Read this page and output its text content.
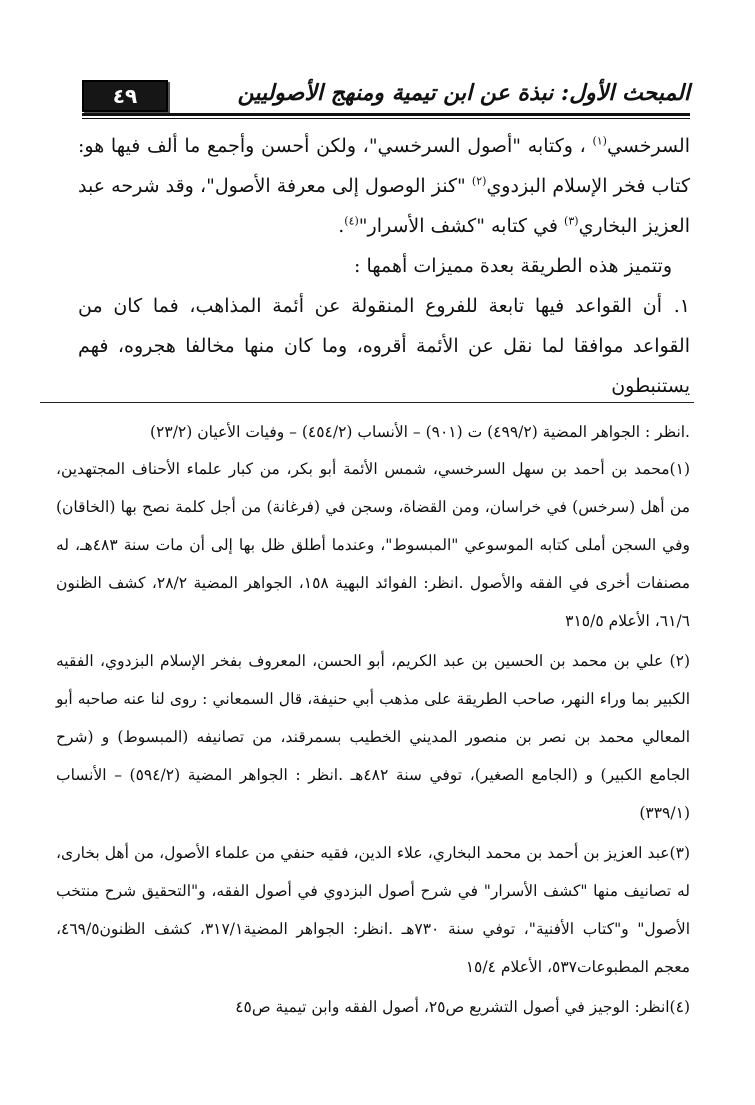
٤٩	المبحث الأول: نبذة عن ابن تيمية ومنهج الأصوليين

السرخسي$^{(١)}$ ، وكتابه "أصول السرخسي"، ولكن أحسن وأجمع ما ألف فيها هو: كتاب فخر الإسلام البزدوي$^{(٢)}$ "كنز الوصول إلى معرفة الأصول"، وقد شرحه عبد العزيز البخاري$^{(٣)}$ في كتابه "كشف الأسرار"$^{(٤)}$.

وتتميز هذه الطريقة بعدة مميزات أهمها :

١.أن القواعد فيها تابعة للفروع المنقولة عن أئمة المذاهب، فما كان من القواعد موافقا لما نقل عن الأئمة أقروه، وما كان منها مخالفا هجروه، فهم يستنبطون

.انظر : الجواهر المضية (٤٩٩/٢) ت (٩٠١) – الأنساب (٤٥٤/٢) – وفيات الأعيان (٢٣/٢)

(١)محمد بن أحمد بن سهل السرخسي، شمس الأئمة أبو بكر، من كبار علماء الأحناف المجتهدين، من أهل (سرخس) في خراسان، ومن القضاة، وسجن في (فرغانة) من أجل كلمة نصح بها (الخاقان) وفي السجن أملى كتابه الموسوعي "المبسوط"، وعندما أطلق ظل بها إلى أن مات سنة ٤٨٣هـ، له مصنفات أخرى في الفقه والأصول .انظر: الفوائد البهية ١٥٨، الجواهر المضية ٢٨/٢، كشف الظنون ٦١/٦، الأعلام ٣١٥/٥

(٢) علي بن محمد بن الحسين بن عبد الكريم، أبو الحسن، المعروف بفخر الإسلام البزدوي، الفقيه الكبير بما وراء النهر، صاحب الطريقة على مذهب أبي حنيفة، قال السمعاني : روى لنا عنه صاحبه أبو المعالي محمد بن نصر بن منصور المديني الخطيب بسمرقند، من تصانيفه (المبسوط) و (شرح الجامع الكبير) و (الجامع الصغير)، توفي سنة ٤٨٢هـ .انظر : الجواهر المضية (٥٩٤/٢) – الأنساب (٣٣٩/١)

(٣)عبد العزيز بن أحمد بن محمد البخاري، علاء الدين، فقيه حنفي من علماء الأصول، من أهل بخارى، له تصانيف منها "كشف الأسرار" في شرح أصول البزدوي في أصول الفقه، و"التحقيق شرح منتخب الأصول" و"كتاب الأفنية"، توفي سنة ٧٣٠هـ .انظر: الجواهر المضية٣١٧/١، كشف الظنون٤٦٩/٥، معجم المطبوعات٥٣٧، الأعلام ١٥/٤

(٤)انظر: الوجيز في أصول التشريع ص٢٥، أصول الفقه وابن تيمية ص٤٥
